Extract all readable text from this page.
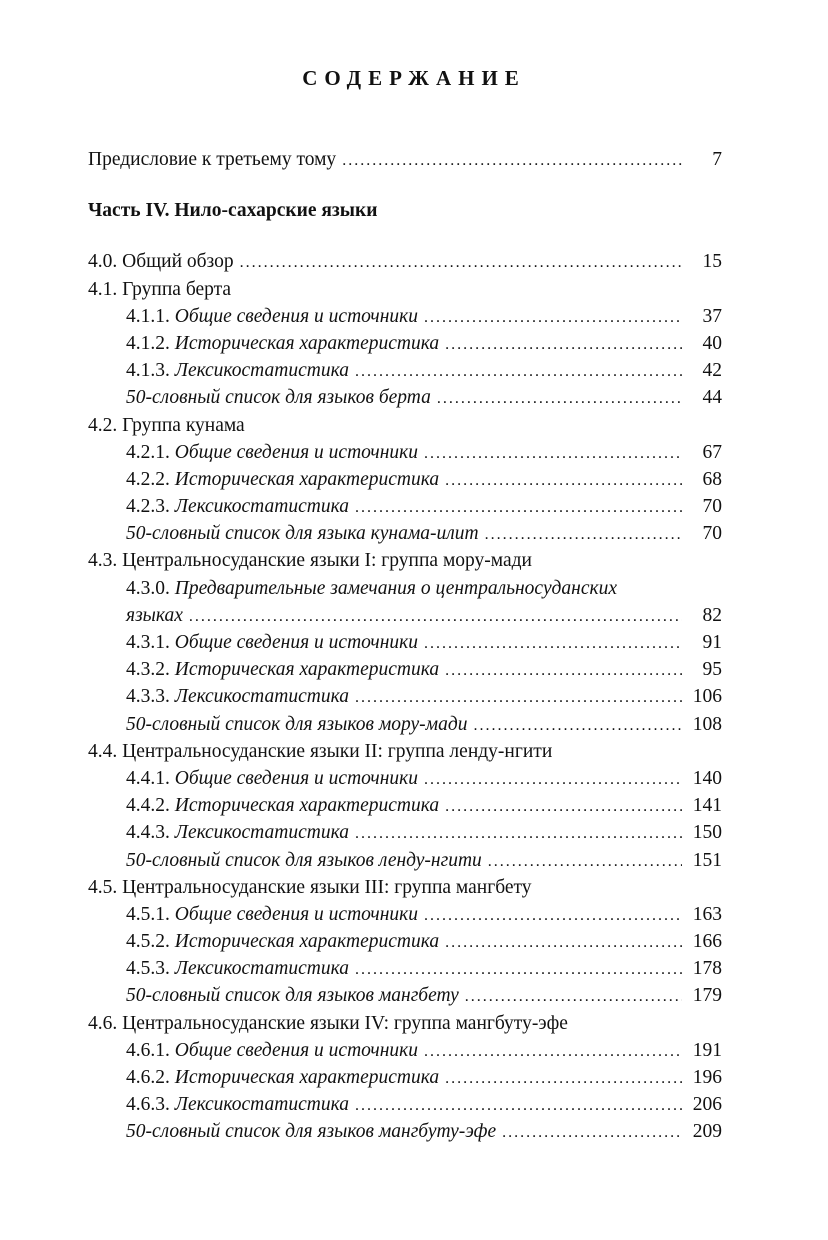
СОДЕРЖАНИЕ
Предисловие к третьему тому .....	7
Часть IV. Нило-сахарские языки
4.0. Общий обзор .....	15
4.1. Группа берта
4.1.1. Общие сведения и источники .....	37
4.1.2. Историческая характеристика .....	40
4.1.3. Лексикостатистика .....	42
50-словный список для языков берта .....	44
4.2. Группа кунама
4.2.1. Общие сведения и источники .....	67
4.2.2. Историческая характеристика .....	68
4.2.3. Лексикостатистика .....	70
50-словный список для языка кунама-илит .....	70
4.3. Центральносуданские языки I: группа мору-мади
4.3.0. Предварительные замечания о центральносуданских
языках .....	82
4.3.1. Общие сведения и источники .....	91
4.3.2. Историческая характеристика .....	95
4.3.3. Лексикостатистика .....	106
50-словный список для языков мору-мади .....	108
4.4. Центральносуданские языки II: группа ленду-нгити
4.4.1. Общие сведения и источники .....	140
4.4.2. Историческая характеристика .....	141
4.4.3. Лексикостатистика .....	150
50-словный список для языков ленду-нгити .....	151
4.5. Центральносуданские языки III: группа мангбету
4.5.1. Общие сведения и источники .....	163
4.5.2. Историческая характеристика .....	166
4.5.3. Лексикостатистика .....	178
50-словный список для языков мангбету .....	179
4.6. Центральносуданские языки IV: группа мангбуту-эфе
4.6.1. Общие сведения и источники .....	191
4.6.2. Историческая характеристика .....	196
4.6.3. Лексикостатистика .....	206
50-словный список для языков мангбуту-эфе .....	209
